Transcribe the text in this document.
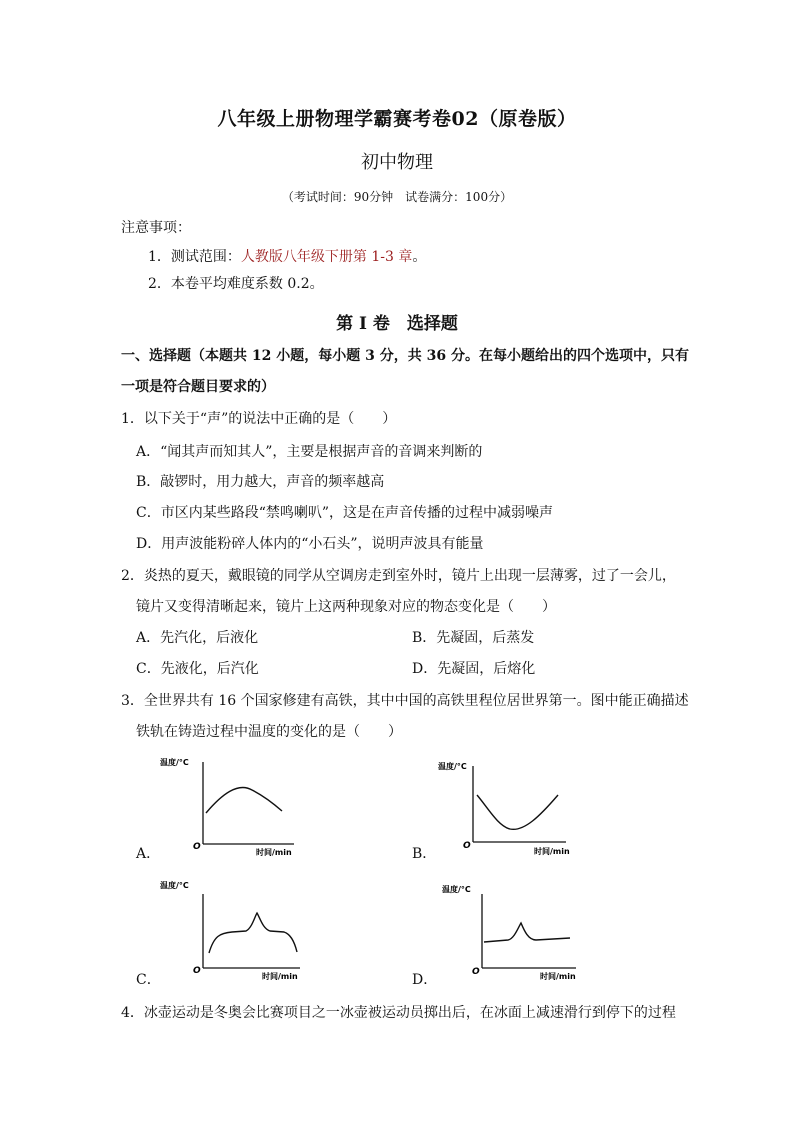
八年级上册物理学霸赛考卷02（原卷版）
初中物理
（考试时间：90分钟　试卷满分：100分）
注意事项：
1．测试范围：人教版八年级下册第 1-3 章。
2．本卷平均难度系数 0.2。
第 I 卷　选择题
一、选择题（本题共 12 小题，每小题 3 分，共 36 分。在每小题给出的四个选项中，只有
一项是符合题目要求的）
1．以下关于“声”的说法中正确的是（　　）
A．“闻其声而知其人”，主要是根据声音的音调来判断的
B．敲锣时，用力越大，声音的频率越高
C．市区内某些路段“禁鸣喇叭”，这是在声音传播的过程中减弱噪声
D．用声波能粉碎人体内的“小石头”，说明声波具有能量
2．炎热的夏天，戴眼镜的同学从空调房走到室外时，镜片上出现一层薄雾，过了一会儿，
镜片又变得清晰起来，镜片上这两种现象对应的物态变化是（　　）
A．先汽化，后液化	B．先凝固，后蒸发
C．先液化，后汽化	D．先凝固，后熔化
3．全世界共有 16 个国家修建有高铁，其中中国的高铁里程位居世界第一。图中能正确描述
铁轨在铸造过程中温度的变化的是（　　）
温度/°C
O
时间/min
A．
温度/°C
O
时间/min
B．
温度/°C
O
时间/min
C．
温度/°C
O	时间/min
D．
4．冰壶运动是冬奥会比赛项目之一冰壶被运动员掷出后，在冰面上减速滑行到停下的过程
